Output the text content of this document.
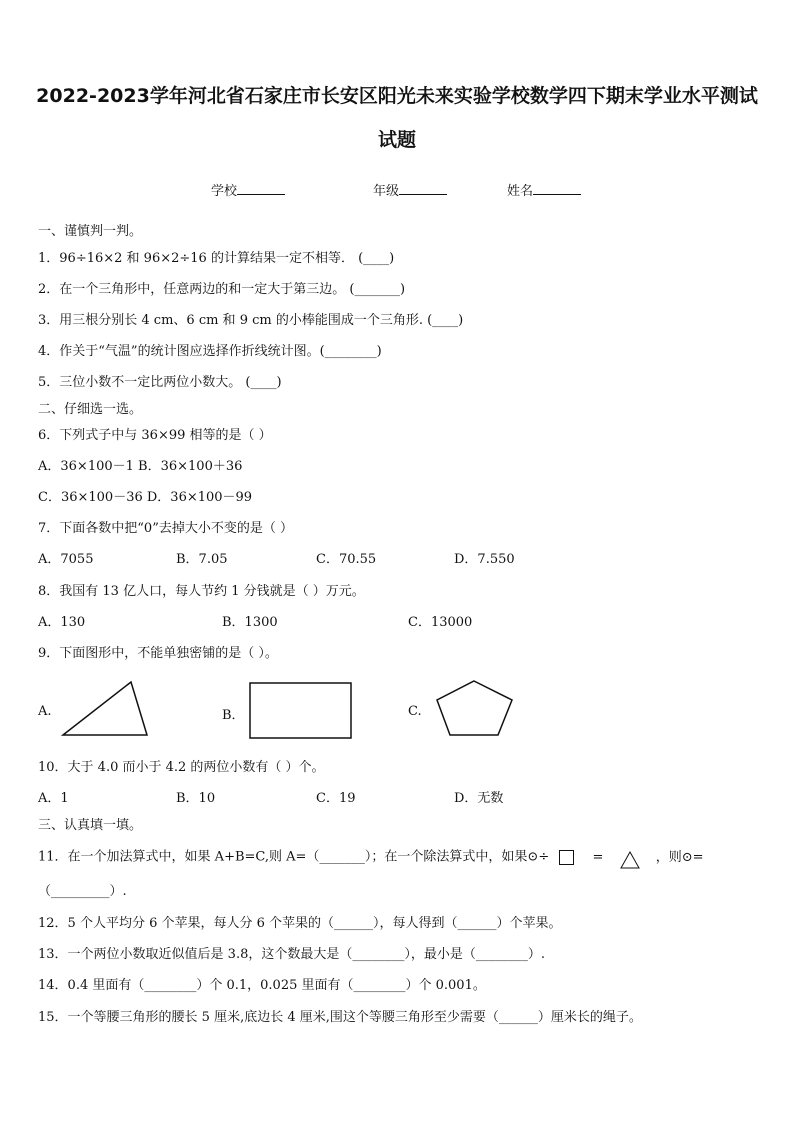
2022-2023学年河北省石家庄市长安区阳光未来实验学校数学四下期末学业水平测试
试题
学校	年级	姓名
一、谨慎判一判。
1．96÷16×2 和 96×2÷16 的计算结果一定不相等． (____)
2．在一个三角形中，任意两边的和一定大于第三边。 (_______)
3．用三根分别长 4 cm、6 cm 和 9 cm 的小棒能围成一个三角形. (____)
4．作关于“气温”的统计图应选择作折线统计图。(________)
5．三位小数不一定比两位小数大。 (____)
二、仔细选一选。
6．下列式子中与 36×99 相等的是（ ）
A．36×100－1 B．36×100＋36
C．36×100－36 D．36×100－99
7．下面各数中把“0”去掉大小不变的是（ ）
A．7055	B．7.05	C．70.55	D．7.550
8．我国有 13 亿人口，每人节约 1 分钱就是（ ）万元。
A．130	B．1300	C．13000
9．下面图形中，不能单独密铺的是（ ）。
A.	B．	C.
10．大于 4.0 而小于 4.2 的两位小数有（ ）个。
A．1	B．10	C．19	D．无数
三、认真填一填。
11．在一个加法算式中，如果 A+B=C,则 A=（_______）；在一个除法算式中，如果⊙÷	=	，则⊙=
（_________）.
12．5 个人平均分 6 个苹果，每人分 6 个苹果的（______），每人得到（______）个苹果。
13．一个两位小数取近似值后是 3.8，这个数最大是（________），最小是（________）.
14．0.4 里面有（________）个 0.1，0.025 里面有（________）个 0.001。
15．一个等腰三角形的腰长 5 厘米,底边长 4 厘米,围这个等腰三角形至少需要（______）厘米长的绳子。
